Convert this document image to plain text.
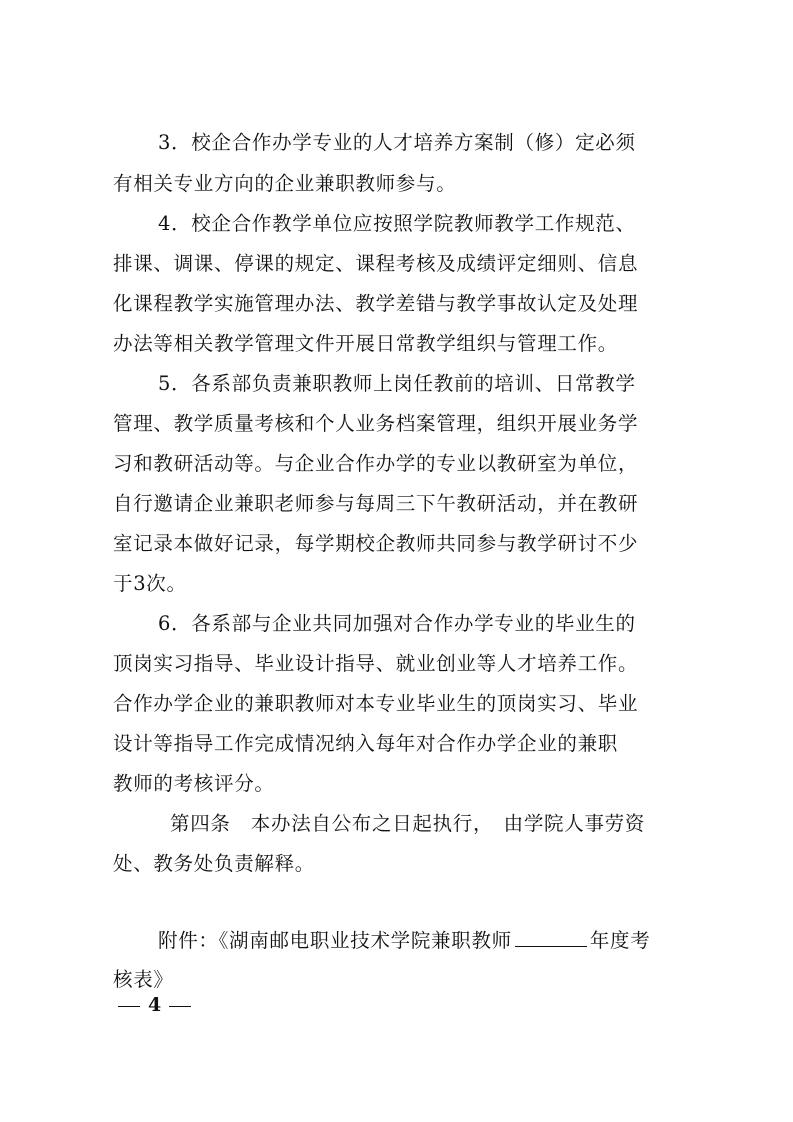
3．校企合作办学专业的人才培养方案制（修）定必须
有相关专业方向的企业兼职教师参与。
4．校企合作教学单位应按照学院教师教学工作规范、
排课、调课、停课的规定、课程考核及成绩评定细则、信息
化课程教学实施管理办法、教学差错与教学事故认定及处理
办法等相关教学管理文件开展日常教学组织与管理工作。
5．各系部负责兼职教师上岗任教前的培训、日常教学
管理、教学质量考核和个人业务档案管理，组织开展业务学
习和教研活动等。与企业合作办学的专业以教研室为单位，
自行邀请企业兼职老师参与每周三下午教研活动，并在教研
室记录本做好记录，每学期校企教师共同参与教学研讨不少
于3次。
6．各系部与企业共同加强对合作办学专业的毕业生的
顶岗实习指导、毕业设计指导、就业创业等人才培养工作。
合作办学企业的兼职教师对本专业毕业生的顶岗实习、毕业
设计等指导工作完成情况纳入每年对合作办学企业的兼职
教师的考核评分。
第四条　本办法自公布之日起执行，　由学院人事劳资
处、教务处负责解释。
附件：《湖南邮电职业技术学院兼职教师	年度考
核表》
4
